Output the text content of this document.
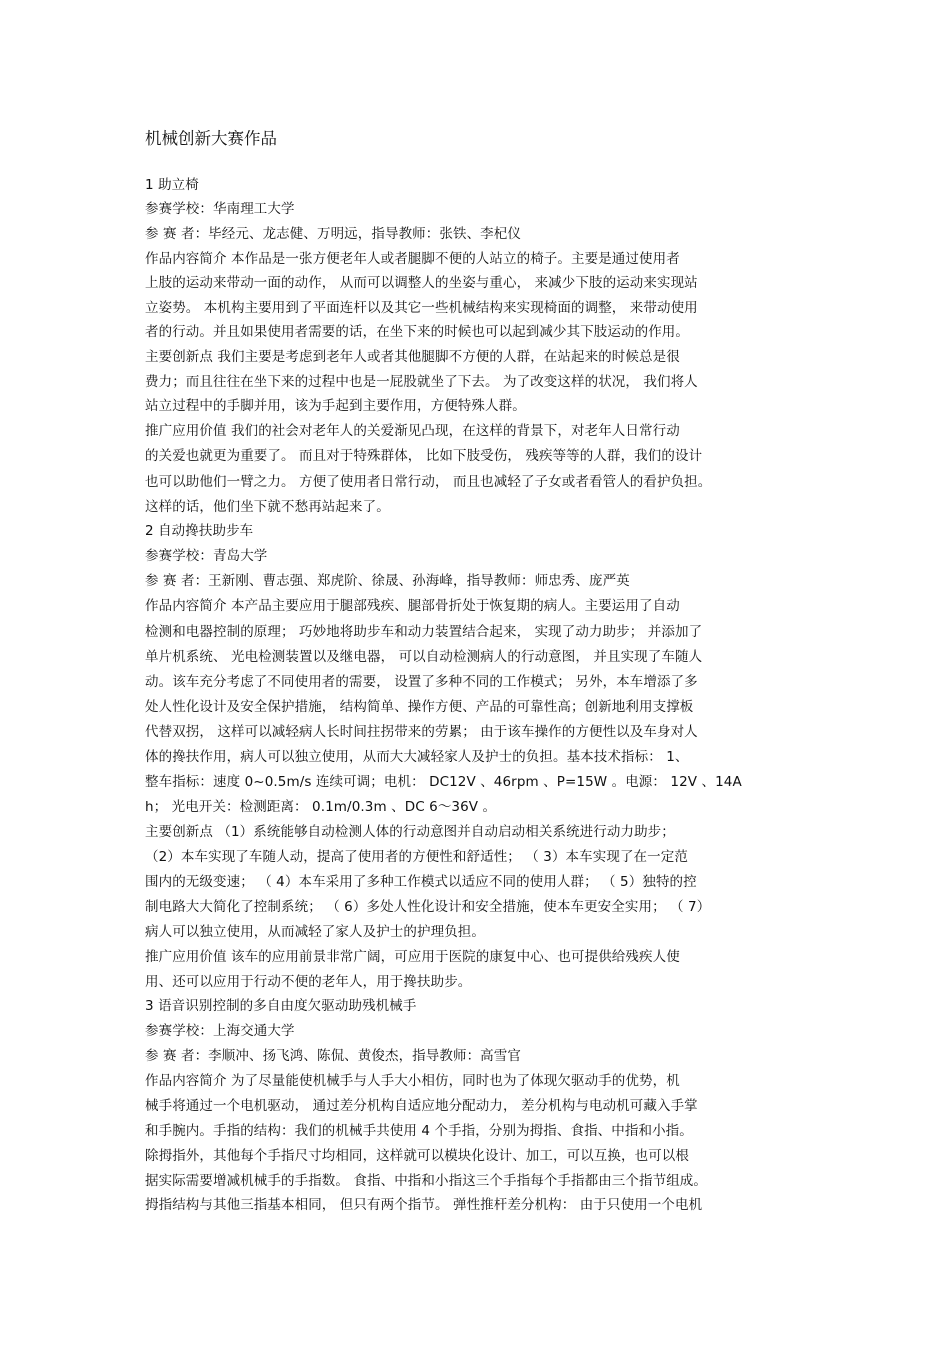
机械创新大赛作品
1 助立椅
参赛学校：华南理工大学
参 赛 者：毕经元、龙志健、万明远，指导教师：张铁、李杞仪
作品内容简介 本作品是一张方便老年人或者腿脚不便的人站立的椅子。主要是通过使用者
上肢的运动来带动一面的动作， 从而可以调整人的坐姿与重心， 来减少下肢的运动来实现站
立姿势。 本机构主要用到了平面连杆以及其它一些机械结构来实现椅面的调整， 来带动使用
者的行动。并且如果使用者需要的话，在坐下来的时候也可以起到减少其下肢运动的作用。
主要创新点 我们主要是考虑到老年人或者其他腿脚不方便的人群，在站起来的时候总是很
费力；而且往往在坐下来的过程中也是一屁股就坐了下去。 为了改变这样的状况， 我们将人
站立过程中的手脚并用，该为手起到主要作用，方便特殊人群。
推广应用价值 我们的社会对老年人的关爱渐见凸现，在这样的背景下，对老年人日常行动
的关爱也就更为重要了。 而且对于特殊群体， 比如下肢受伤， 残疾等等的人群，我们的设计
也可以助他们一臂之力。 方便了使用者日常行动， 而且也减轻了子女或者看管人的看护负担。
这样的话，他们坐下就不愁再站起来了。
2 自动搀扶助步车
参赛学校：青岛大学
参 赛 者：王新刚、曹志强、郑虎阶、徐晟、孙海峰，指导教师：师忠秀、庞严英
作品内容简介 本产品主要应用于腿部残疾、腿部骨折处于恢复期的病人。主要运用了自动
检测和电器控制的原理； 巧妙地将助步车和动力装置结合起来， 实现了动力助步； 并添加了
单片机系统、 光电检测装置以及继电器， 可以自动检测病人的行动意图， 并且实现了车随人
动。该车充分考虑了不同使用者的需要， 设置了多种不同的工作模式； 另外，本车增添了多
处人性化设计及安全保护措施， 结构简单、操作方便、产品的可靠性高；创新地利用支撑板
代替双拐， 这样可以减轻病人长时间拄拐带来的劳累； 由于该车操作的方便性以及车身对人
体的搀扶作用，病人可以独立使用，从而大大减轻家人及护士的负担。基本技术指标： 1、
整车指标：速度 0~0.5m/s 连续可调；电机： DC12V 、46rpm 、P=15W 。电源： 12V 、14A
h； 光电开关：检测距离： 0.1m/0.3m 、DC 6～36V 。
主要创新点 （1）系统能够自动检测人体的行动意图并自动启动相关系统进行动力助步；
（2）本车实现了车随人动，提高了使用者的方便性和舒适性； （ 3）本车实现了在一定范
围内的无级变速； （ 4）本车采用了多种工作模式以适应不同的使用人群； （ 5）独特的控
制电路大大简化了控制系统； （ 6）多处人性化设计和安全措施，使本车更安全实用； （ 7）
病人可以独立使用，从而减轻了家人及护士的护理负担。
推广应用价值 该车的应用前景非常广阔，可应用于医院的康复中心、也可提供给残疾人使
用、还可以应用于行动不便的老年人，用于搀扶助步。
3 语音识别控制的多自由度欠驱动助残机械手
参赛学校：上海交通大学
参 赛 者：李顺冲、扬飞鸿、陈侃、黄俊杰，指导教师：高雪官
作品内容简介 为了尽量能使机械手与人手大小相仿，同时也为了体现欠驱动手的优势，机
械手将通过一个电机驱动， 通过差分机构自适应地分配动力， 差分机构与电动机可藏入手掌
和手腕内。手指的结构：我们的机械手共使用 4 个手指，分别为拇指、食指、中指和小指。
除拇指外，其他每个手指尺寸均相同，这样就可以模块化设计、加工，可以互换，也可以根
据实际需要增减机械手的手指数。 食指、中指和小指这三个手指每个手指都由三个指节组成。
拇指结构与其他三指基本相同， 但只有两个指节。 弹性推杆差分机构： 由于只使用一个电机
